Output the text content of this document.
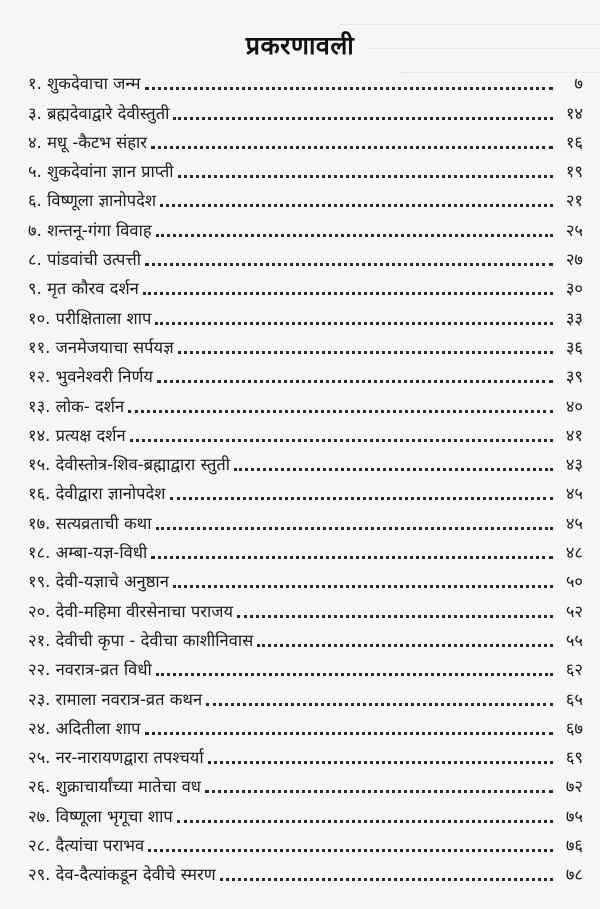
प्रकरणावली
१. शुकदेवाचा जन्म	७
३. ब्रह्मदेवाद्वारे देवीस्तुती	१४
४. मधू -कैटभ संहार	१६
५. शुकदेवांना ज्ञान प्राप्ती	१९
६. विष्णूला ज्ञानोपदेश	२१
७. शन्तनू-गंगा विवाह	२५
८. पांडवांची उत्पत्ती	२७
९. मृत कौरव दर्शन	३०
१०. परीक्षिताला शाप	३३
११. जनमेजयाचा सर्पयज्ञ	३६
१२. भुवनेश्वरी निर्णय	३९
१३. लोक- दर्शन	४०
१४. प्रत्यक्ष दर्शन	४१
१५. देवीस्तोत्र-शिव-ब्रह्माद्वारा स्तुती	४३
१६. देवीद्वारा ज्ञानोपदेश	४५
१७. सत्यव्रताची कथा	४५
१८. अम्बा-यज्ञ-विधी	४८
१९. देवी-यज्ञाचे अनुष्ठान	५०
२०. देवी-महिमा वीरसेनाचा पराजय	५२
२१. देवीची कृपा - देवीचा काशीनिवास	५५
२२. नवरात्र-व्रत विधी	६२
२३. रामाला नवरात्र-व्रत कथन	६५
२४. अदितीला शाप	६७
२५. नर-नारायणद्वारा तपश्चर्या	६९
२६. शुक्राचार्यांच्या मातेचा वध	७२
२७. विष्णूला भृगूचा शाप	७५
२८. दैत्यांचा पराभव	७६
२९. देव-दैत्यांकडून देवीचे स्मरण	७८
